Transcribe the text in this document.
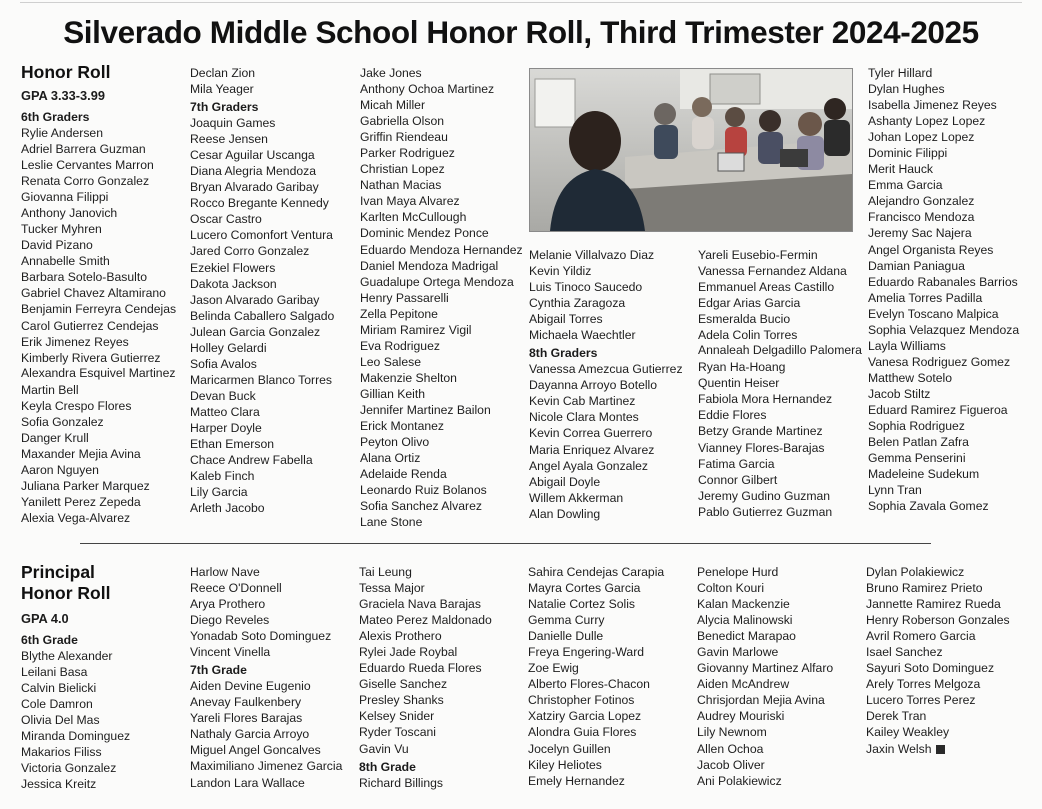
Silverado Middle School Honor Roll, Third Trimester 2024-2025
Honor Roll
GPA 3.33-3.99
6th Graders
Rylie Andersen
Adriel Barrera Guzman
Leslie Cervantes Marron
Renata Corro Gonzalez
Giovanna Filippi
Anthony Janovich
Tucker Myhren
David Pizano
Annabelle Smith
Barbara Sotelo-Basulto
Gabriel Chavez Altamirano
Benjamin Ferreyra Cendejas
Carol Gutierrez Cendejas
Erik Jimenez Reyes
Kimberly Rivera Gutierrez
Alexandra Esquivel Martinez
Martin Bell
Keyla Crespo Flores
Sofia Gonzalez
Danger Krull
Maxander Mejia Avina
Aaron Nguyen
Juliana Parker Marquez
Yanilett Perez Zepeda
Alexia Vega-Alvarez
Declan Zion
Mila Yeager
7th Graders
Joaquin Games
Reese Jensen
Cesar Aguilar Uscanga
Diana Alegria Mendoza
Bryan Alvarado Garibay
Rocco Bregante Kennedy
Oscar Castro
Lucero Comonfort Ventura
Jared Corro Gonzalez
Ezekiel Flowers
Dakota Jackson
Jason Alvarado Garibay
Belinda Caballero Salgado
Julean Garcia Gonzalez
Holley Gelardi
Sofia Avalos
Maricarmen Blanco Torres
Devan Buck
Matteo Clara
Harper Doyle
Ethan Emerson
Chace Andrew Fabella
Kaleb Finch
Lily Garcia
Arleth Jacobo
Jake Jones
Anthony Ochoa Martinez
Micah Miller
Gabriella Olson
Griffin Riendeau
Parker Rodriguez
Christian Lopez
Nathan Macias
Ivan Maya Alvarez
Karlten McCullough
Dominic Mendez Ponce
Eduardo Mendoza Hernandez
Daniel Mendoza Madrigal
Guadalupe Ortega Mendoza
Henry Passarelli
Zella Pepitone
Miriam Ramirez Vigil
Eva Rodriguez
Leo Salese
Makenzie Shelton
Gillian Keith
Jennifer Martinez Bailon
Erick Montanez
Peyton Olivo
Alana Ortiz
Adelaide Renda
Leonardo Ruiz Bolanos
Sofia Sanchez Alvarez
Lane Stone
Melanie Villalvazo Diaz
Kevin Yildiz
Luis Tinoco Saucedo
Cynthia Zaragoza
Abigail Torres
Michaela Waechtler
8th Graders
Vanessa Amezcua Gutierrez
Dayanna Arroyo Botello
Kevin Cab Martinez
Nicole Clara Montes
Kevin Correa Guerrero
Maria Enriquez Alvarez
Angel Ayala Gonzalez
Abigail Doyle
Willem Akkerman
Alan Dowling
Yareli Eusebio-Fermin
Vanessa Fernandez Aldana
Emmanuel Areas Castillo
Edgar Arias Garcia
Esmeralda Bucio
Adela Colin Torres
Annaleah Delgadillo Palomera
Ryan Ha-Hoang
Quentin Heiser
Fabiola Mora Hernandez
Eddie Flores
Betzy Grande Martinez
Vianney Flores-Barajas
Fatima Garcia
Connor Gilbert
Jeremy Gudino Guzman
Pablo Gutierrez Guzman
Tyler Hillard
Dylan Hughes
Isabella Jimenez Reyes
Ashanty Lopez Lopez
Johan Lopez Lopez
Dominic Filippi
Merit Hauck
Emma Garcia
Alejandro Gonzalez
Francisco Mendoza
Jeremy Sac Najera
Angel Organista Reyes
Damian Paniagua
Eduardo Rabanales Barrios
Amelia Torres Padilla
Evelyn Toscano Malpica
Sophia Velazquez Mendoza
Layla Williams
Vanesa Rodriguez Gomez
Matthew Sotelo
Jacob Stiltz
Eduard Ramirez Figueroa
Sophia Rodriguez
Belen Patlan Zafra
Gemma Penserini
Madeleine Sudekum
Lynn Tran
Sophia Zavala Gomez
Principal
Honor Roll
GPA 4.0
6th Grade
Blythe Alexander
Leilani Basa
Calvin Bielicki
Cole Damron
Olivia Del Mas
Miranda Dominguez
Makarios Filiss
Victoria Gonzalez
Jessica Kreitz
Harlow Nave
Reece O'Donnell
Arya Prothero
Diego Reveles
Yonadab Soto Dominguez
Vincent Vinella
7th Grade
Aiden Devine Eugenio
Anevay Faulkenbery
Yareli Flores Barajas
Nathaly Garcia Arroyo
Miguel Angel Goncalves
Maximiliano Jimenez Garcia
Landon Lara Wallace
Tai Leung
Tessa Major
Graciela Nava Barajas
Mateo Perez Maldonado
Alexis Prothero
Rylei Jade Roybal
Eduardo Rueda Flores
Giselle Sanchez
Presley Shanks
Kelsey Snider
Ryder Toscani
Gavin Vu
8th Grade
Richard Billings
Sahira Cendejas Carapia
Mayra Cortes Garcia
Natalie Cortez Solis
Gemma Curry
Danielle Dulle
Freya Engering-Ward
Zoe Ewig
Alberto Flores-Chacon
Christopher Fotinos
Xatziry Garcia Lopez
Alondra Guia Flores
Jocelyn Guillen
Kiley Heliotes
Emely Hernandez
Penelope Hurd
Colton Kouri
Kalan Mackenzie
Alycia Malinowski
Benedict Marapao
Gavin Marlowe
Giovanny Martinez Alfaro
Aiden McAndrew
Chrisjordan Mejia Avina
Audrey Mouriski
Lily Newnom
Allen Ochoa
Jacob Oliver
Ani Polakiewicz
Dylan Polakiewicz
Bruno Ramirez Prieto
Jannette Ramirez Rueda
Henry Roberson Gonzales
Avril Romero Garcia
Isael Sanchez
Sayuri Soto Dominguez
Arely Torres Melgoza
Lucero Torres Perez
Derek Tran
Kailey Weakley
Jaxin Welsh
